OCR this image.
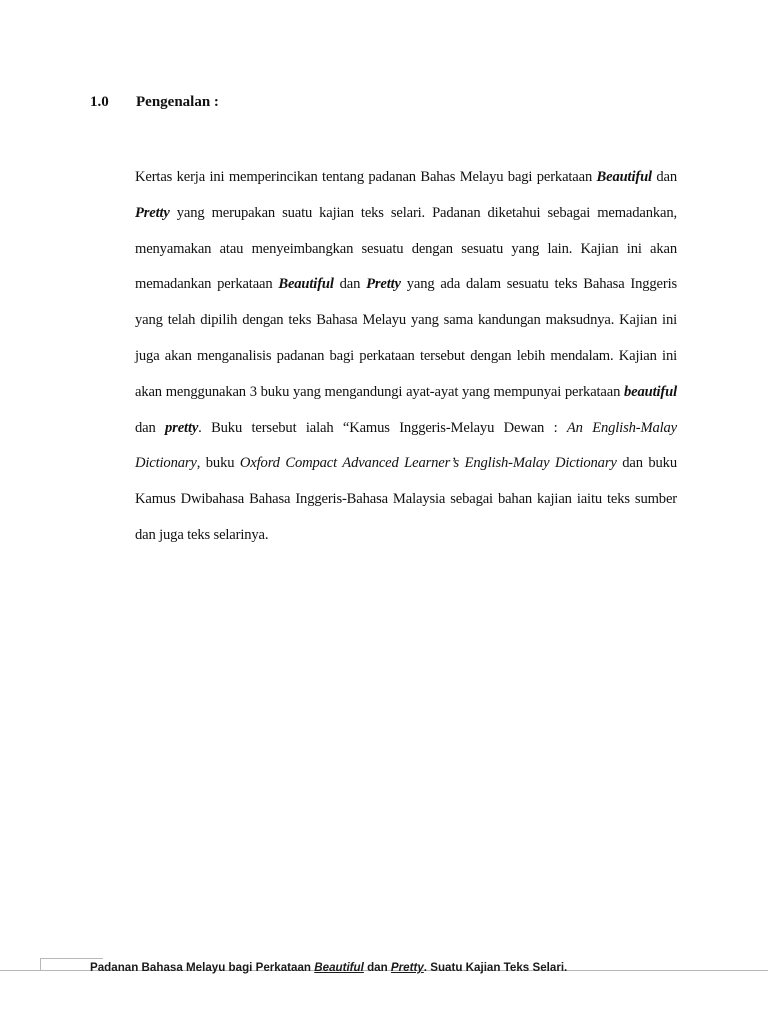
1.0 Pengenalan :
Kertas kerja ini memperincikan tentang padanan Bahas Melayu bagi perkataan Beautiful dan Pretty yang merupakan suatu kajian teks selari. Padanan diketahui sebagai memadankan, menyamakan atau menyeimbangkan sesuatu dengan sesuatu yang lain. Kajian ini akan memadankan perkataan Beautiful dan Pretty yang ada dalam sesuatu teks Bahasa Inggeris yang telah dipilih dengan teks Bahasa Melayu yang sama kandungan maksudnya. Kajian ini juga akan menganalisis padanan bagi perkataan tersebut dengan lebih mendalam. Kajian ini akan menggunakan 3 buku yang mengandungi ayat-ayat yang mempunyai perkataan beautiful dan pretty. Buku tersebut ialah “Kamus Inggeris-Melayu Dewan : An English-Malay Dictionary, buku Oxford Compact Advanced Learner’s English-Malay Dictionary dan buku Kamus Dwibahasa Bahasa Inggeris-Bahasa Malaysia sebagai bahan kajian iaitu teks sumber dan juga teks selarinya.
Padanan Bahasa Melayu bagi Perkataan Beautiful dan Pretty. Suatu Kajian Teks Selari.
